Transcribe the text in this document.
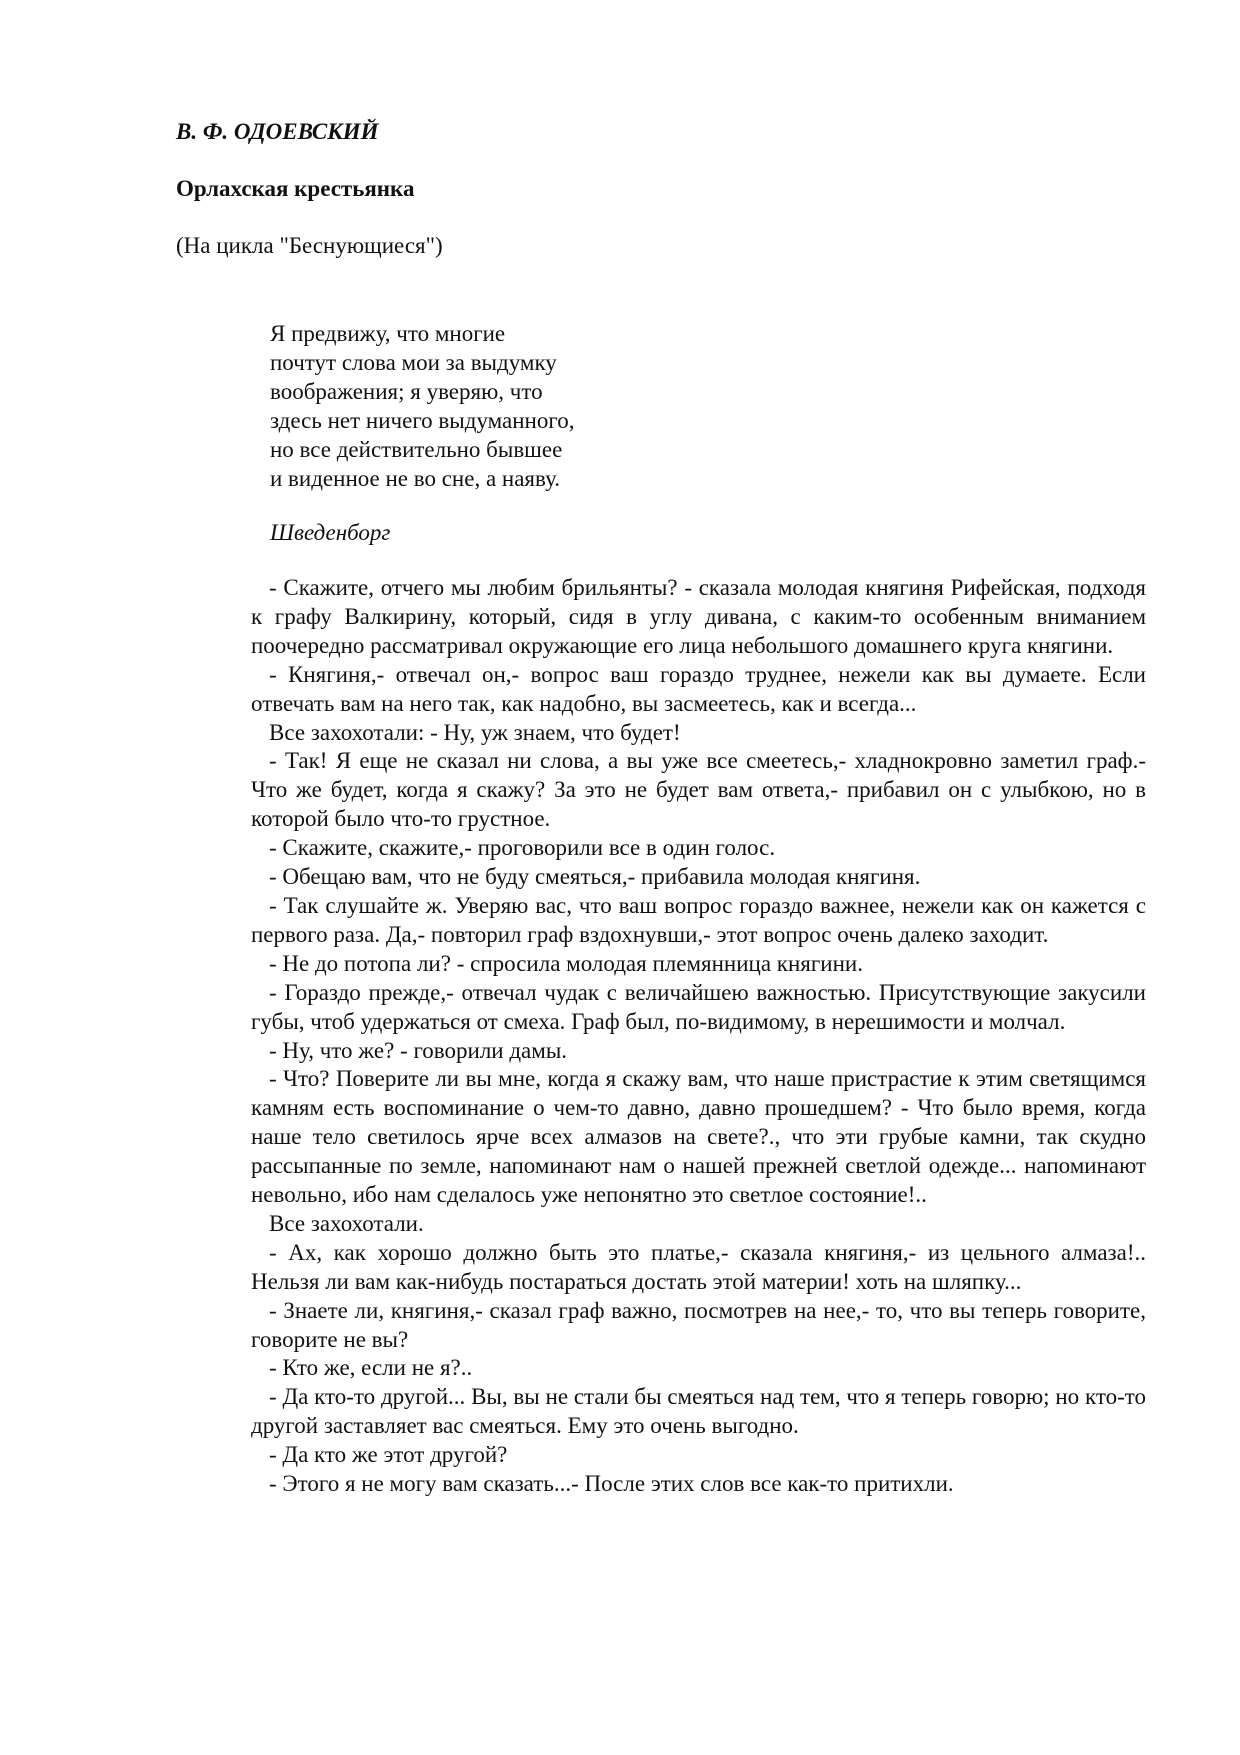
В. Ф. ОДОЕВСКИЙ
Орлахская крестьянка
(На цикла "Беснующиеся")
Я предвижу, что многие
почтут слова мои за выдумку
воображения; я уверяю, что
здесь нет ничего выдуманного,
но все действительно бывшее
и виденное не во сне, а наяву.
Шведенборг

- Скажите, отчего мы любим брильянты? - сказала молодая княгиня Рифейская, подходя к графу Валкирину, который, сидя в углу дивана, с каким-то особенным вниманием поочередно рассматривал окружающие его лица небольшого домашнего круга княгини.

- Княгиня,- отвечал он,- вопрос ваш гораздо труднее, нежели как вы думаете. Если отвечать вам на него так, как надобно, вы засмеетесь, как и всегда...

Все захохотали: - Ну, уж знаем, что будет!

- Так! Я еще не сказал ни слова, а вы уже все смеетесь,- хладнокровно заметил граф.- Что же будет, когда я скажу? За это не будет вам ответа,- прибавил он с улыбкою, но в которой было что-то грустное.

- Скажите, скажите,- проговорили все в один голос.

- Обещаю вам, что не буду смеяться,- прибавила молодая княгиня.

- Так слушайте ж. Уверяю вас, что ваш вопрос гораздо важнее, нежели как он кажется с первого раза. Да,- повторил граф вздохнувши,- этот вопрос очень далеко заходит.

- Не до потопа ли? - спросила молодая племянница княгини.

- Гораздо прежде,- отвечал чудак с величайшею важностью. Присутствующие закусили губы, чтоб удержаться от смеха. Граф был, по-видимому, в нерешимости и молчал.

- Ну, что же? - говорили дамы.

- Что? Поверите ли вы мне, когда я скажу вам, что наше пристрастие к этим светящимся камням есть воспоминание о чем-то давно, давно прошедшем? - Что было время, когда наше тело светилось ярче всех алмазов на свете?., что эти грубые камни, так скудно рассыпанные по земле, напоминают нам о нашей прежней светлой одежде... напоминают невольно, ибо нам сделалось уже непонятно это светлое состояние!..

Все захохотали.

- Ах, как хорошо должно быть это платье,- сказала княгиня,- из цельного алмаза!.. Нельзя ли вам как-нибудь постараться достать этой материи! хоть на шляпку...

- Знаете ли, княгиня,- сказал граф важно, посмотрев на нее,- то, что вы теперь говорите, говорите не вы?

- Кто же, если не я?..

- Да кто-то другой... Вы, вы не стали бы смеяться над тем, что я теперь говорю; но кто-то другой заставляет вас смеяться. Ему это очень выгодно.

- Да кто же этот другой?

- Этого я не могу вам сказать...- После этих слов все как-то притихли.
